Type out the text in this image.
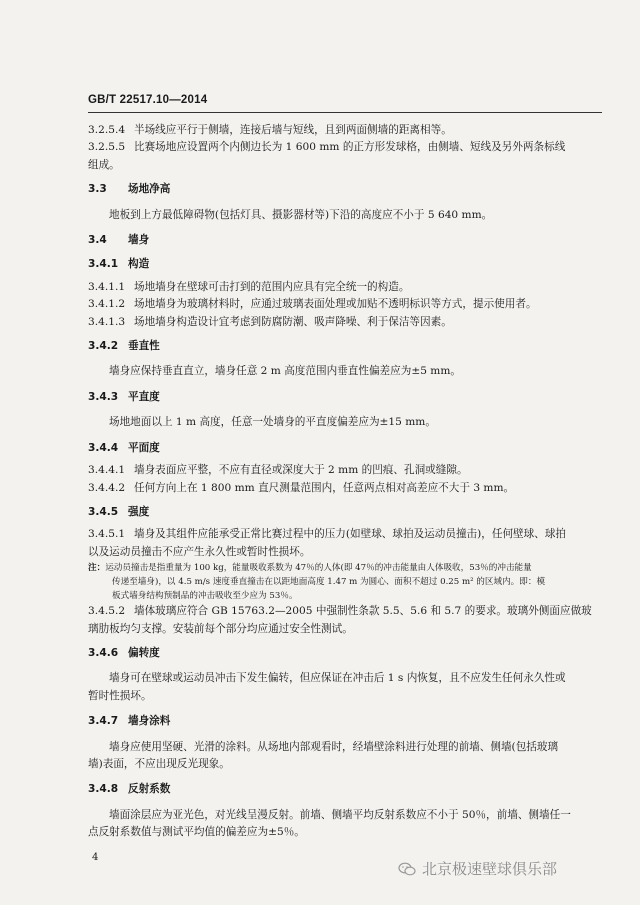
GB/T 22517.10—2014

3.2.5.4 半场线应平行于侧墙，连接后墙与短线，且到两面侧墙的距离相等。

3.2.5.5 比赛场地应设置两个内侧边长为 1 600 mm 的正方形发球格，由侧墙、短线及另外两条标线

组成。

3.3 场地净高
地板到上方最低障碍物(包括灯具、摄影器材等)下沿的高度应不小于 5 640 mm。
3.4 墙身
3.4.1 构造

3.4.1.1 场地墙身在壁球可击打到的范围内应具有完全统一的构造。

3.4.1.2 场地墙身为玻璃材料时，应通过玻璃表面处理或加贴不透明标识等方式，提示使用者。

3.4.1.3 场地墙身构造设计宜考虑到防腐防潮、吸声降噪、利于保洁等因素。

3.4.2 垂直性
墙身应保持垂直直立，墙身任意 2 m 高度范围内垂直性偏差应为±5 mm。
3.4.3 平直度
场地地面以上 1 m 高度，任意一处墙身的平直度偏差应为±15 mm。
3.4.4 平面度

3.4.4.1 墙身表面应平整，不应有直径或深度大于 2 mm 的凹痕、孔洞或缝隙。

3.4.4.2 任何方向上在 1 800 mm 直尺测量范围内，任意两点相对高差应不大于 3 mm。

3.4.5 强度

3.4.5.1 墙身及其组件应能承受正常比赛过程中的压力(如壁球、球拍及运动员撞击)，任何壁球、球拍

以及运动员撞击不应产生永久性或暂时性损坏。

注：运动员撞击是指重量为 100 kg，能量吸收系数为 47％的人体(即 47％的冲击能量由人体吸收，53％的冲击能量
传递至墙身)，以 4.5 m/s 速度垂直撞击在以距地面高度 1.47 m 为圆心、面积不超过 0.25 m² 的区域内。即：模
板式墙身结构预制品的冲击吸收至少应为 53％。

3.4.5.2 墙体玻璃应符合 GB 15763.2—2005 中强制性条款 5.5、5.6 和 5.7 的要求。玻璃外侧面应做玻

璃肋板均匀支撑。安装前每个部分均应通过安全性测试。

3.4.6 偏转度
墙身可在壁球或运动员冲击下发生偏转，但应保证在冲击后 1 s 内恢复，且不应发生任何永久性或
暂时性损坏。
3.4.7 墙身涂料
墙身应使用坚硬、光滑的涂料。从场地内部观看时，经墙壁涂料进行处理的前墙、侧墙(包括玻璃
墙)表面，不应出现反光现象。
3.4.8 反射系数
墙面涂层应为亚光色，对光线呈漫反射。前墙、侧墙平均反射系数应不小于 50％，前墙、侧墙任一
点反射系数值与测试平均值的偏差应为±5％。
4
北京极速壁球俱乐部
